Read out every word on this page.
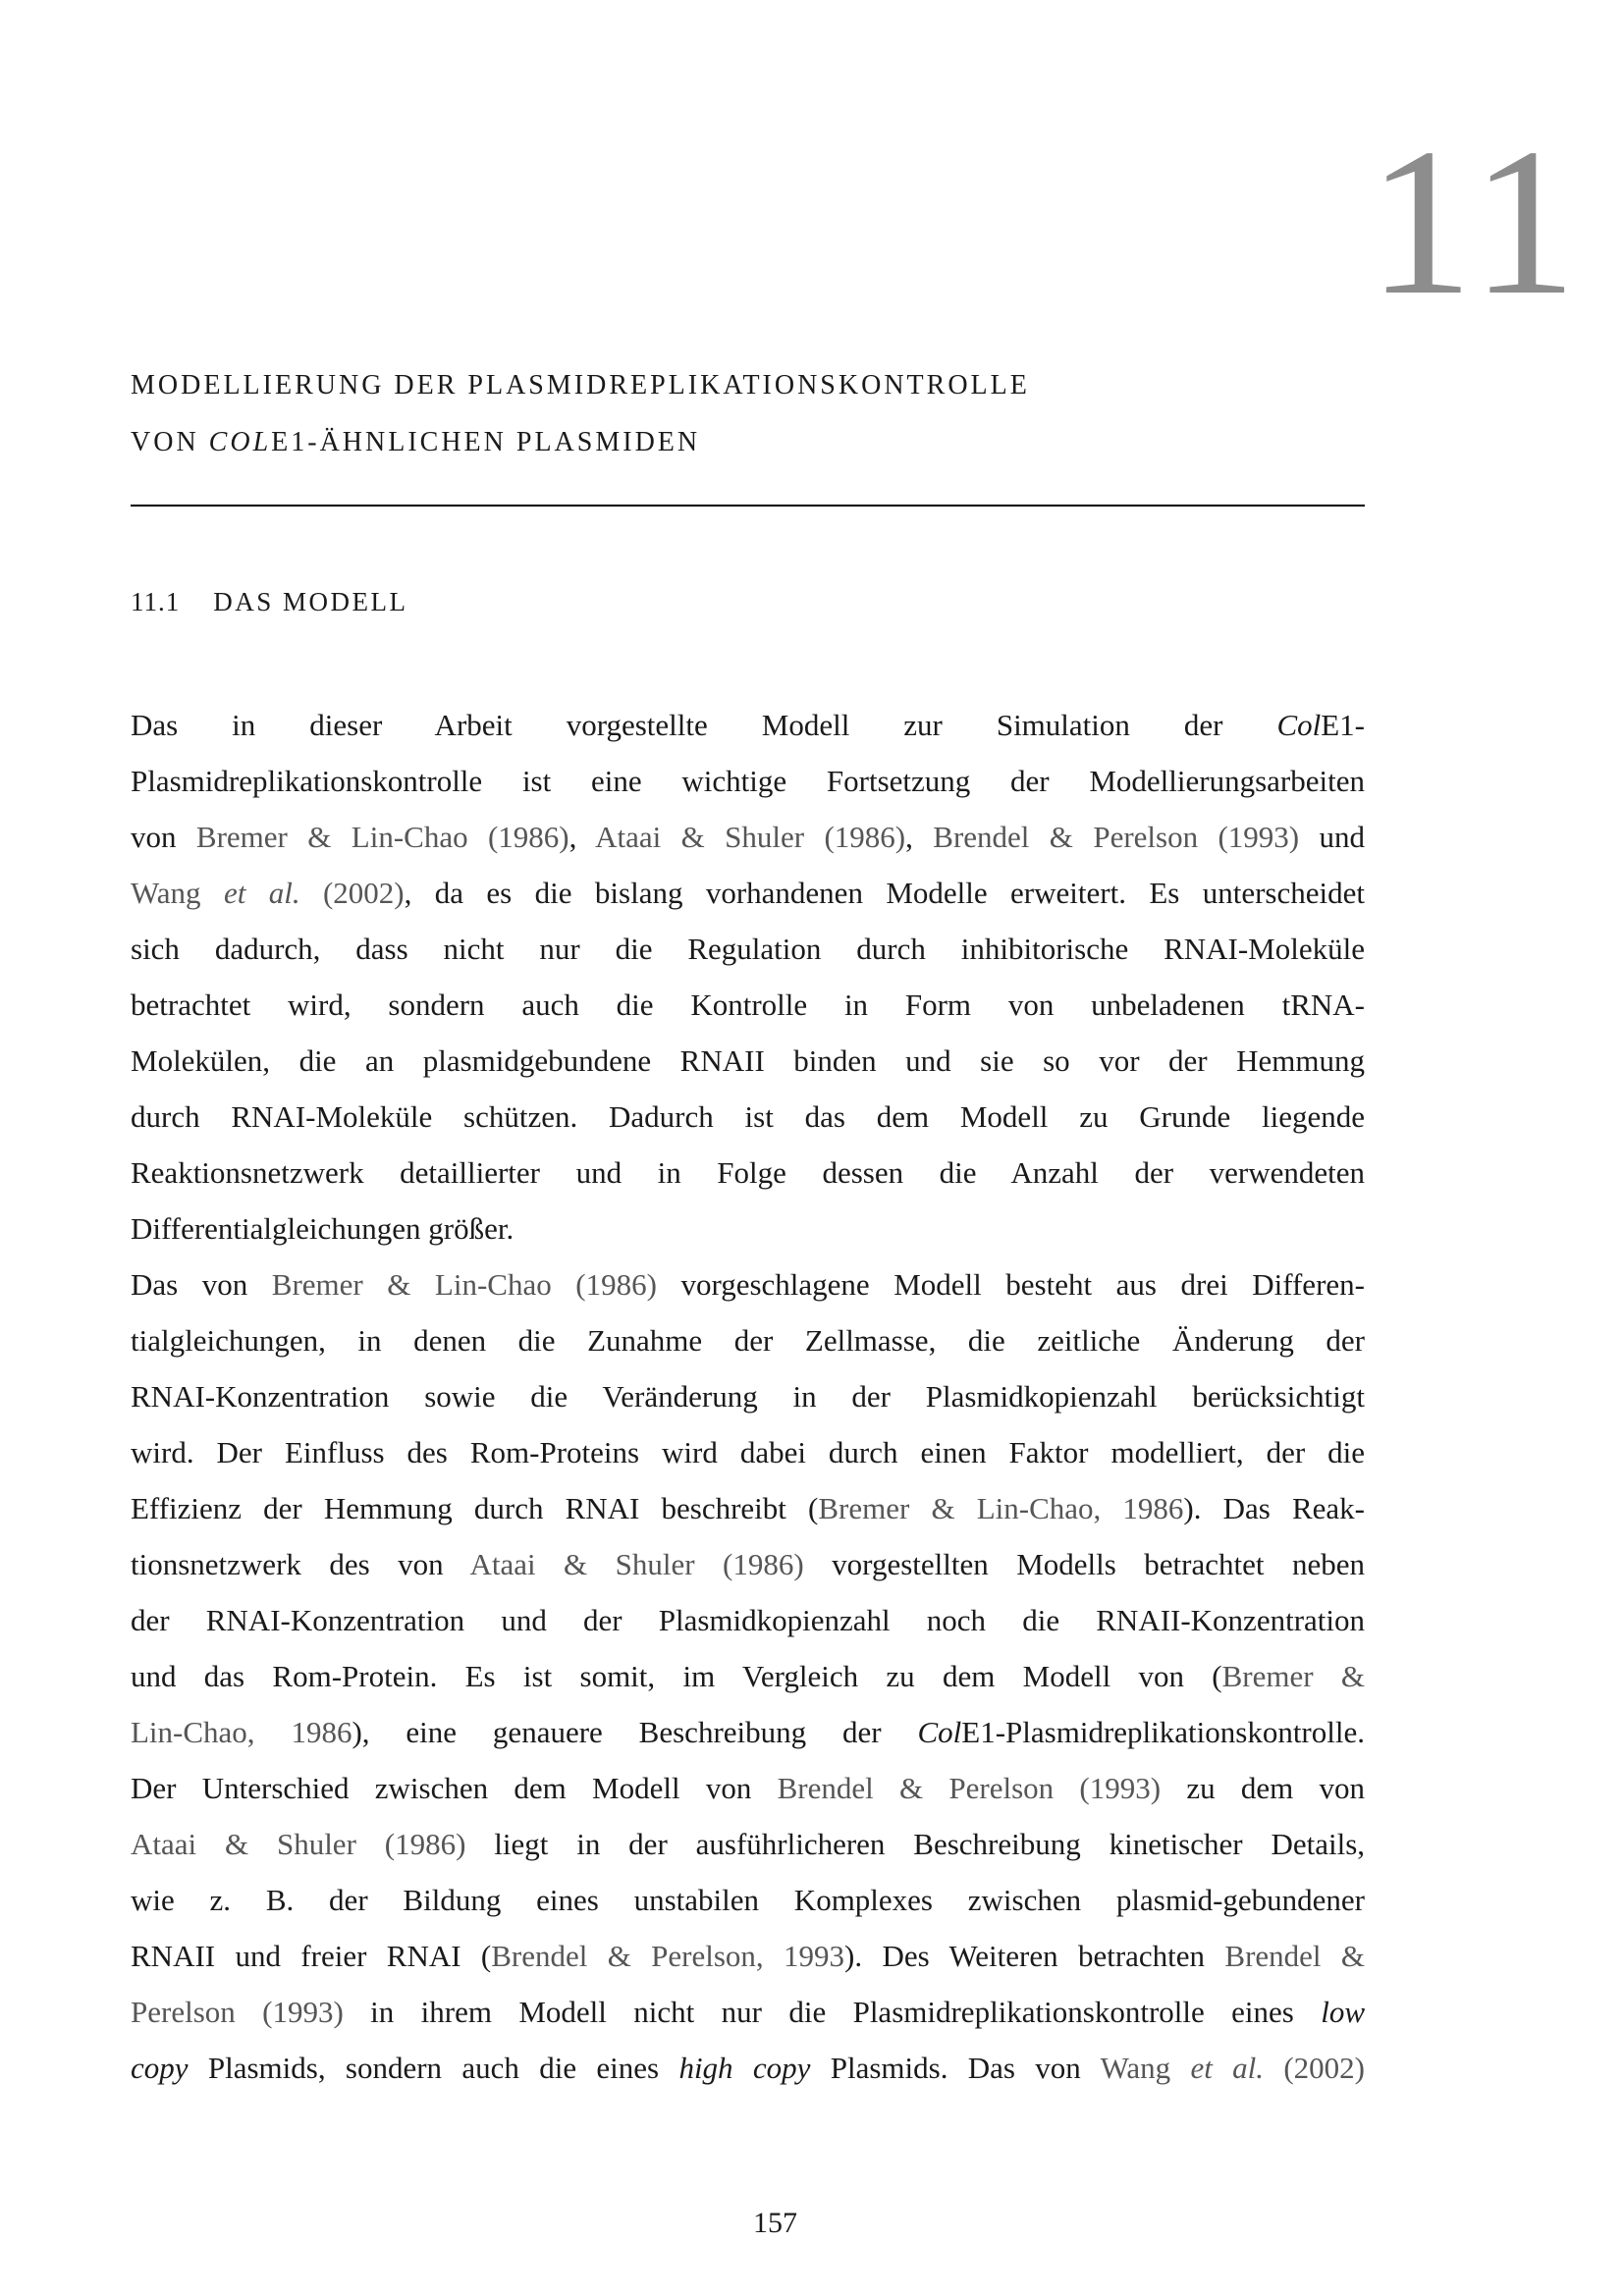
11
MODELLIERUNG DER PLASMIDREPLIKATIONSKONTROLLE
VON COLE1-ÄHNLICHEN PLASMIDEN
11.1 DAS MODELL
Das in dieser Arbeit vorgestellte Modell zur Simulation der ColE1-
Plasmidreplikationskontrolle ist eine wichtige Fortsetzung der Modellierungsarbeiten
von Bremer & Lin-Chao (1986), Ataai & Shuler (1986), Brendel & Perelson (1993) und
Wang et al. (2002), da es die bislang vorhandenen Modelle erweitert. Es unterscheidet
sich dadurch, dass nicht nur die Regulation durch inhibitorische RNAI-Moleküle
betrachtet wird, sondern auch die Kontrolle in Form von unbeladenen tRNA-
Molekülen, die an plasmidgebundene RNAII binden und sie so vor der Hemmung
durch RNAI-Moleküle schützen. Dadurch ist das dem Modell zu Grunde liegende
Reaktionsnetzwerk detaillierter und in Folge dessen die Anzahl der verwendeten
Differentialgleichungen größer.
Das von Bremer & Lin-Chao (1986) vorgeschlagene Modell besteht aus drei Differen-
tialgleichungen, in denen die Zunahme der Zellmasse, die zeitliche Änderung der
RNAI-Konzentration sowie die Veränderung in der Plasmidkopienzahl berücksichtigt
wird. Der Einfluss des Rom-Proteins wird dabei durch einen Faktor modelliert, der die
Effizienz der Hemmung durch RNAI beschreibt (Bremer & Lin-Chao, 1986). Das Reak-
tionsnetzwerk des von Ataai & Shuler (1986) vorgestellten Modells betrachtet neben
der RNAI-Konzentration und der Plasmidkopienzahl noch die RNAII-Konzentration
und das Rom-Protein. Es ist somit, im Vergleich zu dem Modell von (Bremer &
Lin-Chao, 1986), eine genauere Beschreibung der ColE1-Plasmidreplikationskontrolle.
Der Unterschied zwischen dem Modell von Brendel & Perelson (1993) zu dem von
Ataai & Shuler (1986) liegt in der ausführlicheren Beschreibung kinetischer Details,
wie z. B. der Bildung eines unstabilen Komplexes zwischen plasmid-gebundener
RNAII und freier RNAI (Brendel & Perelson, 1993). Des Weiteren betrachten Brendel &
Perelson (1993) in ihrem Modell nicht nur die Plasmidreplikationskontrolle eines low
copy Plasmids, sondern auch die eines high copy Plasmids. Das von Wang et al. (2002)
157
